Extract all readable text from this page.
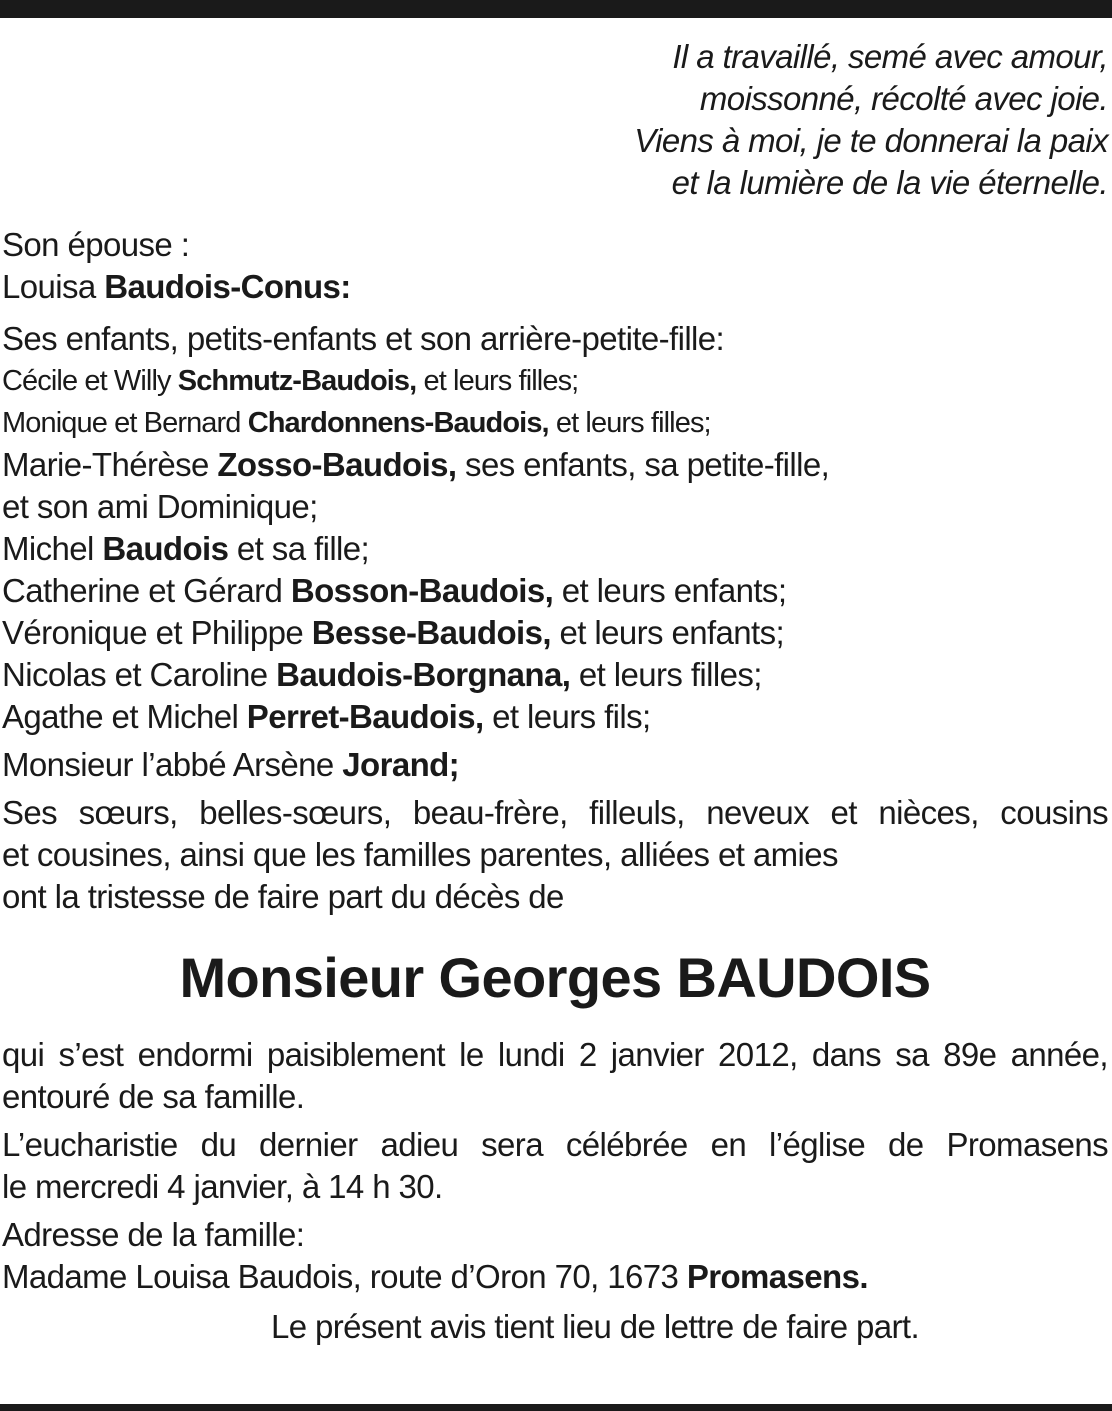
Il a travaillé, semé avec amour,
moissonné, récolté avec joie.
Viens à moi, je te donnerai la paix
et la lumière de la vie éternelle.
Son épouse :
Louisa Baudois-Conus:
Ses enfants, petits-enfants et son arrière-petite-fille:
Cécile et Willy Schmutz-Baudois, et leurs filles;
Monique et Bernard Chardonnens-Baudois, et leurs filles;
Marie-Thérèse Zosso-Baudois, ses enfants, sa petite-fille,
et son ami Dominique;
Michel Baudois et sa fille;
Catherine et Gérard Bosson-Baudois, et leurs enfants;
Véronique et Philippe Besse-Baudois, et leurs enfants;
Nicolas et Caroline Baudois-Borgnana, et leurs filles;
Agathe et Michel Perret-Baudois, et leurs fils;
Monsieur l’abbé Arsène Jorand;
Ses sœurs, belles-sœurs, beau-frère, filleuls, neveux et nièces, cousins
et cousines, ainsi que les familles parentes, alliées et amies
ont la tristesse de faire part du décès de
Monsieur Georges BAUDOIS
qui s’est endormi paisiblement le lundi 2 janvier 2012, dans sa 89e année,
entouré de sa famille.
L’eucharistie du dernier adieu sera célébrée en l’église de Promasens
le mercredi 4 janvier, à 14 h 30.
Adresse de la famille:
Madame Louisa Baudois, route d’Oron 70, 1673 Promasens.
Le présent avis tient lieu de lettre de faire part.
